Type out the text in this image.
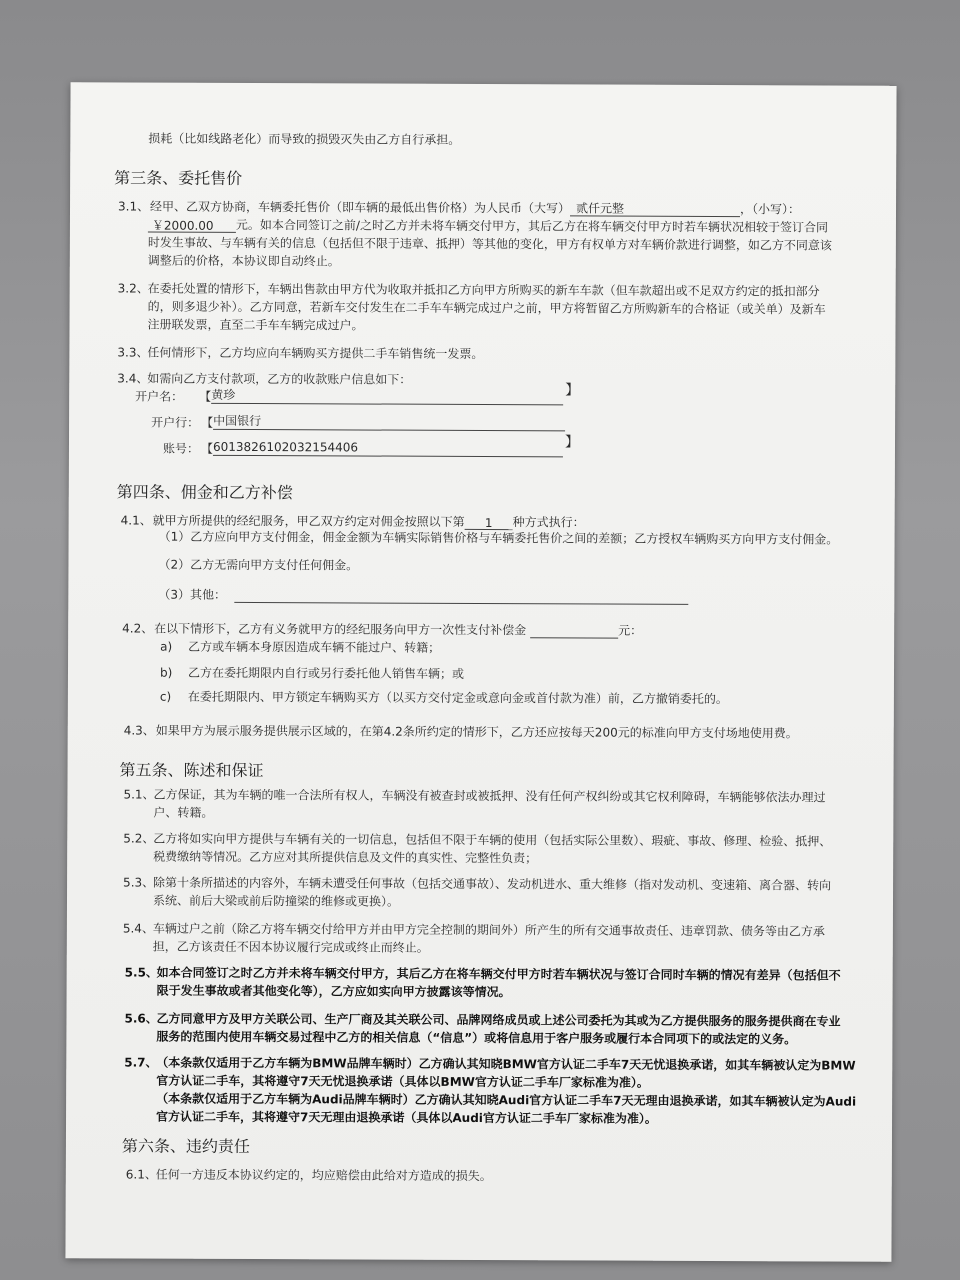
损耗（比如线路老化）而导致的损毁灭失由乙方自行承担。
第三条、委托售价
3.1、 经甲、乙双方协商，车辆委托售价（即车辆的最低出售价格）为人民币（大写） 贰仟元整	，（小写）：
￥2000.00 元。如本合同签订之前/之时乙方并未将车辆交付甲方，其后乙方在将车辆交付甲方时若车辆状况相较于签订合同
时发生事故、与车辆有关的信息（包括但不限于违章、抵押）等其他的变化，甲方有权单方对车辆价款进行调整，如乙方不同意该
调整后的价格，本协议即自动终止。
3.2、
在委托处置的情形下，车辆出售款由甲方代为收取并抵扣乙方向甲方所购买的新车车款（但车款超出或不足双方约定的抵扣部分
的，则多退少补）。乙方同意，若新车交付发生在二手车车辆完成过户之前，甲方将暂留乙方所购新车的合格证（或关单）及新车
注册联发票，直至二手车车辆完成过户。
3.3、
任何情形下，乙方均应向车辆购买方提供二手车销售统一发票。
3.4、
如需向乙方支付款项，乙方的收款账户信息如下：
开户名： 【 黄珍	】
开户行： 【 中国银行
账号： 【 6013826102032154406	】
第四条、佣金和乙方补偿
4.1、 就甲方所提供的经纪服务，甲乙双方约定对佣金按照以下第 1 种方式执行：
（1）乙方应向甲方支付佣金，佣金金额为车辆实际销售价格与车辆委托售价之间的差额；乙方授权车辆购买方向甲方支付佣金。
（2）乙方无需向甲方支付任何佣金。
（3）其他：
4.2、 在以下情形下，乙方有义务就甲方的经纪服务向甲方一次性支付补偿金	元：
a) 乙方或车辆本身原因造成车辆不能过户、转籍；
b) 乙方在委托期限内自行或另行委托他人销售车辆；或
c) 在委托期限内、甲方锁定车辆购买方（以买方交付定金或意向金或首付款为准）前，乙方撤销委托的。
4.3、 如果甲方为展示服务提供展示区域的，在第4.2条所约定的情形下，乙方还应按每天200元的标准向甲方支付场地使用费。
第五条、陈述和保证
5.1、
乙方保证，其为车辆的唯一合法所有权人，车辆没有被查封或被抵押、没有任何产权纠纷或其它权利障碍，车辆能够依法办理过
户、转籍。
5.2、
乙方将如实向甲方提供与车辆有关的一切信息，包括但不限于车辆的使用（包括实际公里数）、瑕疵、事故、修理、检验、抵押、
税费缴纳等情况。乙方应对其所提供信息及文件的真实性、完整性负责；
5.3、
除第十条所描述的内容外，车辆未遭受任何事故（包括交通事故）、发动机进水、重大维修（指对发动机、变速箱、离合器、转向
系统、前后大梁或前后防撞梁的维修或更换）。
5.4、
车辆过户之前（除乙方将车辆交付给甲方并由甲方完全控制的期间外）所产生的所有交通事故责任、违章罚款、债务等由乙方承
担，乙方该责任不因本协议履行完成或终止而终止。
5.5、
如本合同签订之时乙方并未将车辆交付甲方，其后乙方在将车辆交付甲方时若车辆状况与签订合同时车辆的情况有差异（包括但不
限于发生事故或者其他变化等），乙方应如实向甲方披露该等情况。
5.6、
乙方同意甲方及甲方关联公司、生产厂商及其关联公司、品牌网络成员或上述公司委托为其或为乙方提供服务的服务提供商在专业
服务的范围内使用车辆交易过程中乙方的相关信息（“信息”）或将信息用于客户服务或履行本合同项下的或法定的义务。
5.7、
（本条款仅适用于乙方车辆为BMW品牌车辆时）乙方确认其知晓BMW官方认证二手车7天无忧退换承诺，如其车辆被认定为BMW
官方认证二手车，其将遵守7天无忧退换承诺（具体以BMW官方认证二手车厂家标准为准）。
（本条款仅适用于乙方车辆为Audi品牌车辆时）乙方确认其知晓Audi官方认证二手车7天无理由退换承诺，如其车辆被认定为Audi
官方认证二手车，其将遵守7天无理由退换承诺（具体以Audi官方认证二手车厂家标准为准）。
第六条、违约责任
6.1、
任何一方违反本协议约定的，均应赔偿由此给对方造成的损失。
